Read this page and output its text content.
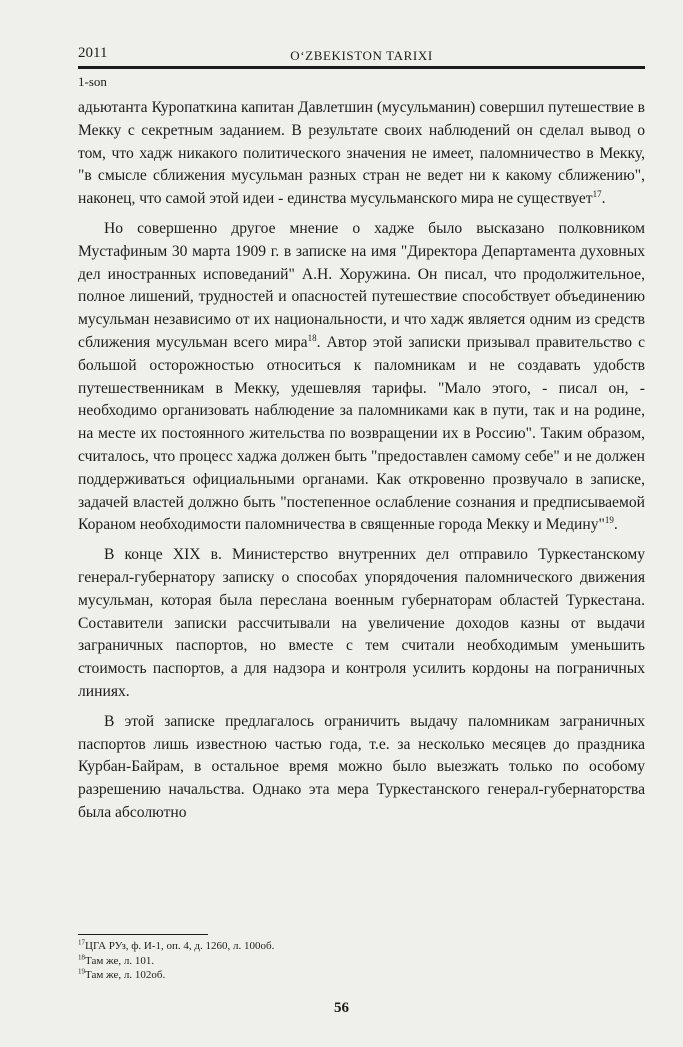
2011	O‘ZBEKISTON TARIXI
1-son

адьютанта Куропаткина капитан Давлетшин (мусульманин) совершил путешествие в Мекку с секретным заданием. В результате своих наблюдений он сделал вывод о том, что хадж никакого политического значения не имеет, паломничество в Мекку, "в смысле сближения мусульман разных стран не ведет ни к какому сближению", наконец, что самой этой идеи - единства мусульманского мира не существует$^{17}$.

Но совершенно другое мнение о хадже было высказано полковником Мустафиным 30 марта 1909 г. в записке на имя "Директора Департамента духовных дел иностранных исповеданий" А.Н. Хоружина. Он писал, что продолжительное, полное лишений, трудностей и опасностей путешествие способствует объединению мусульман независимо от их национальности, и что хадж является одним из средств сближения мусульман всего мира$^{18}$. Автор этой записки призывал правительство с большой осторожностью относиться к паломникам и не создавать удобств путешественникам в Мекку, удешевляя тарифы. "Мало этого, - писал он, - необходимо организовать наблюдение за паломниками как в пути, так и на родине, на месте их постоянного жительства по возвращении их в Россию". Таким образом, считалось, что процесс хаджа должен быть "предоставлен самому себе" и не должен поддерживаться официальными органами. Как откровенно прозвучало в записке, задачей властей должно быть "постепенное ослабление сознания и предписываемой Кораном необходимости паломничества в священные города Мекку и Медину"$^{19}$.

В конце XIX в. Министерство внутренних дел отправило Туркестанскому генерал-губернатору записку о способах упорядочения паломнического движения мусульман, которая была переслана военным губернаторам областей Туркестана. Составители записки рассчитывали на увеличение доходов казны от выдачи заграничных паспортов, но вместе с тем считали необходимым уменьшить стоимость паспортов, а для надзора и контроля усилить кордоны на пограничных линиях.

В этой записке предлагалось ограничить выдачу паломникам заграничных паспортов лишь известною частью года, т.е. за несколько месяцев до праздника Курбан-Байрам, в остальное время можно было выезжать только по особому разрешению начальства. Однако эта мера Туркестанского генерал-губернаторства была абсолютно

$^{17}$ЦГА РУз, ф. И-1, оп. 4, д. 1260, л. 100об.
$^{18}$Там же, л. 101.
$^{19}$Там же, л. 102об.
56
